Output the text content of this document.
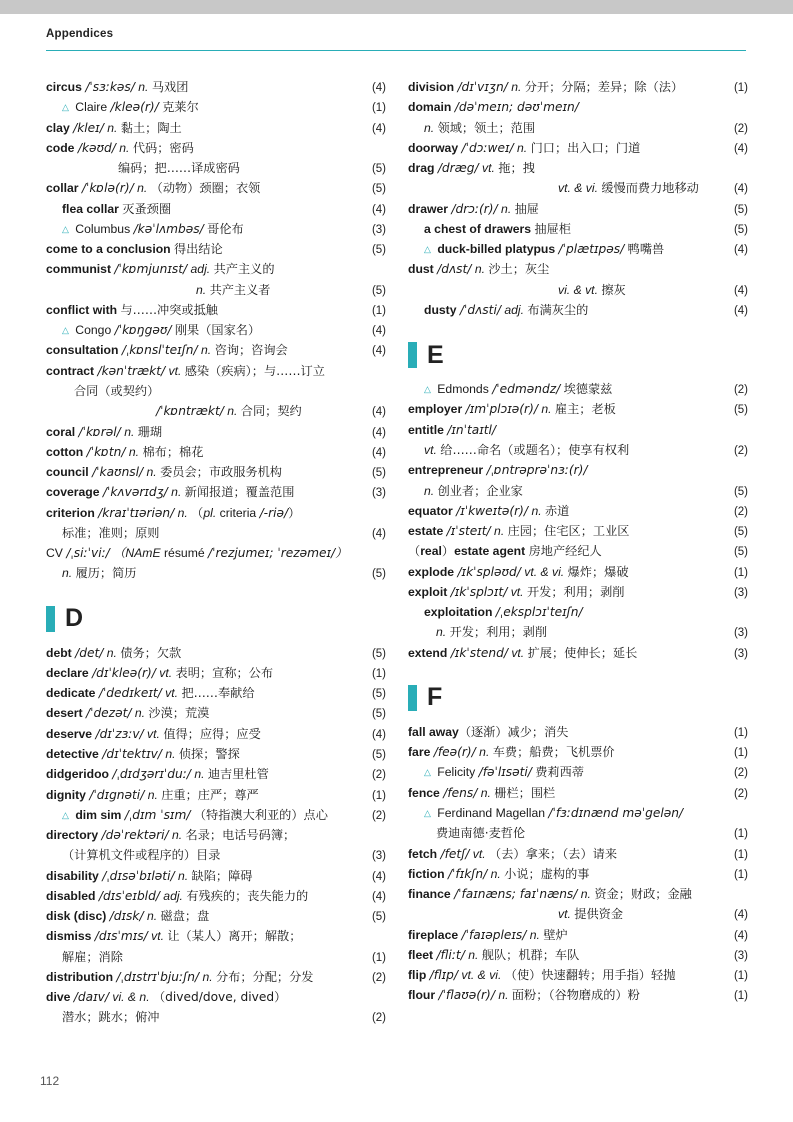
Appendices
circus /ˈsɜːkəs/ n. 马戏团	(4)
△ Claire /kleə(r)/ 克莱尔	(1)
clay /kleɪ/ n. 黏土；陶土	(4)
code /kəʊd/ n. 代码；密码
编码；把……译成密码	(5)
collar /ˈkɒlə(r)/ n. （动物）颈圈；衣领	(5)
flea collar 灭蚤颈圈	(4)
△ Columbus /kəˈlʌmbəs/ 哥伦布	(3)
come to a conclusion 得出结论	(5)
communist /ˈkɒmjunɪst/ adj. 共产主义的
n. 共产主义者	(5)
conflict with 与……冲突或抵触	(1)
△ Congo /ˈkɒŋgəʊ/ 刚果（国家名）	(4)
consultation /ˌkɒnslˈteɪʃn/ n. 咨询；咨询会	(4)
contract /kənˈtrækt/ vt. 感染（疾病）；与……订立
合同（或契约）
/ˈkɒntrækt/ n. 合同；契约	(4)
coral /ˈkɒrəl/ n. 珊瑚	(4)
cotton /ˈkɒtn/ n. 棉布；棉花	(4)
council /ˈkaʊnsl/ n. 委员会；市政服务机构	(5)
coverage /ˈkʌvərɪdʒ/ n. 新闻报道；覆盖范围	(3)
criterion /kraɪˈtɪəriən/ n. （pl. criteria /-riə/）
标准；准则；原则	(4)
CV /ˌsiːˈviː/ （NAmE résumé /ˈrezjumeɪ; ˈrezəmeɪ/）
n. 履历；简历	(5)
D
debt /det/ n. 债务；欠款	(5)
declare /dɪˈkleə(r)/ vt. 表明；宣称；公布	(1)
dedicate /ˈdedɪkeɪt/ vt. 把……奉献给	(5)
desert /ˈdezət/ n. 沙漠；荒漠	(5)
deserve /dɪˈzɜːv/ vt. 值得；应得；应受	(4)
detective /dɪˈtektɪv/ n. 侦探；警探	(5)
didgeridoo /ˌdɪdʒərɪˈduː/ n. 迪吉里杜管	(2)
dignity /ˈdɪgnəti/ n. 庄重；庄严；尊严	(1)
△ dim sim /ˌdɪm ˈsɪm/ （特指澳大利亚的）点心	(2)
directory /dəˈrektəri/ n. 名录；电话号码簿；
（计算机文件或程序的）目录	(3)
disability /ˌdɪsəˈbɪləti/ n. 缺陷；障碍	(4)
disabled /dɪsˈeɪbld/ adj. 有残疾的；丧失能力的	(4)
disk (disc) /dɪsk/ n. 磁盘；盘	(5)
dismiss /dɪsˈmɪs/ vt. 让（某人）离开；解散；
解雇；消除	(1)
distribution /ˌdɪstrɪˈbjuːʃn/ n. 分布；分配；分发	(2)
dive /daɪv/ vi. & n. （dived/dove, dived）
潜水；跳水；俯冲	(2)
division /dɪˈvɪʒn/ n. 分开；分隔；差异；除（法）	(1)
domain /dəˈmeɪn; dəʊˈmeɪn/
n. 领域；领土；范围	(2)
doorway /ˈdɔːweɪ/ n. 门口；出入口；门道	(4)
drag /dræg/ vt. 拖；拽
vt. & vi. 缓慢而费力地移动	(4)
drawer /drɔː(r)/ n. 抽屉	(5)
a chest of drawers 抽屉柜	(5)
△ duck-billed platypus /ˈplætɪpəs/ 鸭嘴兽	(4)
dust /dʌst/ n. 沙土；灰尘
vi. & vt. 擦灰	(4)
dusty /ˈdʌsti/ adj. 布满灰尘的	(4)
E
△ Edmonds /ˈedməndz/ 埃德蒙兹	(2)
employer /ɪmˈplɔɪə(r)/ n. 雇主；老板	(5)
entitle /ɪnˈtaɪtl/
vt. 给……命名（或题名）；使享有权利	(2)
entrepreneur /ˌɒntrəprəˈnɜː(r)/
n. 创业者；企业家	(5)
equator /ɪˈkweɪtə(r)/ n. 赤道	(2)
estate /ɪˈsteɪt/ n. 庄园；住宅区；工业区	(5)
（real）estate agent 房地产经纪人	(5)
explode /ɪkˈspləʊd/ vt. & vi. 爆炸；爆破	(1)
exploit /ɪkˈsplɔɪt/ vt. 开发；利用；剥削	(3)
exploitation /ˌeksplɔɪˈteɪʃn/
n. 开发；利用；剥削	(3)
extend /ɪkˈstend/ vt. 扩展；使伸长；延长	(3)
F
fall away（逐渐）减少；消失	(1)
fare /feə(r)/ n. 车费；船费；飞机票价	(1)
△ Felicity /fəˈlɪsəti/ 费莉西蒂	(2)
fence /fens/ n. 栅栏；围栏	(2)
△ Ferdinand Magellan /ˈfɜːdɪnænd məˈgelən/
费迪南德·麦哲伦	(1)
fetch /fetʃ/ vt. （去）拿来；（去）请来	(1)
fiction /ˈfɪkʃn/ n. 小说；虚构的事	(1)
finance /ˈfaɪnæns; faɪˈnæns/ n. 资金；财政；金融
vt. 提供资金	(4)
fireplace /ˈfaɪəpleɪs/ n. 壁炉	(4)
fleet /fliːt/ n. 舰队；机群；车队	(3)
flip /flɪp/ vt. & vi. （使）快速翻转；用手指）轻抛	(1)
flour /ˈflaʊə(r)/ n. 面粉；（谷物磨成的）粉	(1)
112
